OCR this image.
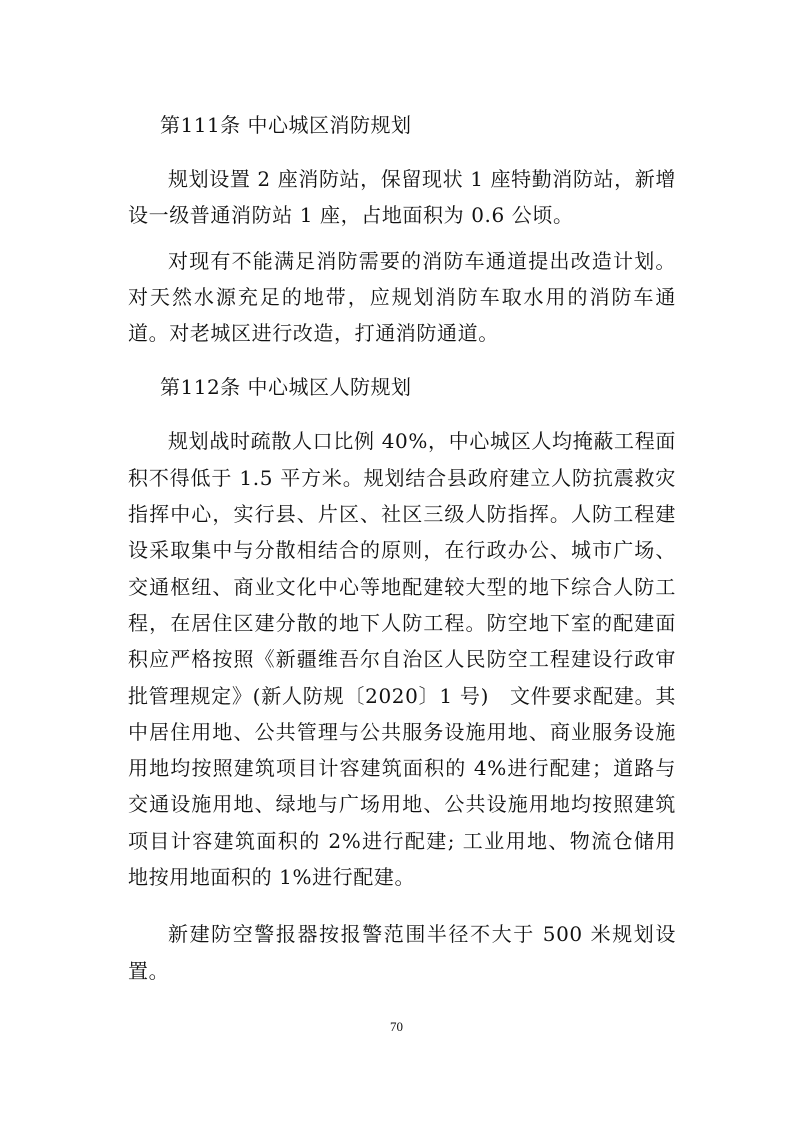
第111条 中心城区消防规划

规划设置 2 座消防站，保留现状 1 座特勤消防站，新增设一级普通消防站 1 座，占地面积为 0.6 公顷。

对现有不能满足消防需要的消防车通道提出改造计划。对天然水源充足的地带，应规划消防车取水用的消防车通道。对老城区进行改造，打通消防通道。

第112条 中心城区人防规划

规划战时疏散人口比例 40%，中心城区人均掩蔽工程面积不得低于 1.5 平方米。规划结合县政府建立人防抗震救灾指挥中心，实行县、片区、社区三级人防指挥。人防工程建设采取集中与分散相结合的原则，在行政办公、城市广场、交通枢纽、商业文化中心等地配建较大型的地下综合人防工程，在居住区建分散的地下人防工程。防空地下室的配建面积应严格按照《新疆维吾尔自治区人民防空工程建设行政审批管理规定》(新人防规〔2020〕1 号)　文件要求配建。其中居住用地、公共管理与公共服务设施用地、商业服务设施用地均按照建筑项目计容建筑面积的 4%进行配建；道路与交通设施用地、绿地与广场用地、公共设施用地均按照建筑项目计容建筑面积的 2%进行配建; 工业用地、物流仓储用地按用地面积的 1%进行配建。

新建防空警报器按报警范围半径不大于 500 米规划设置。

70
